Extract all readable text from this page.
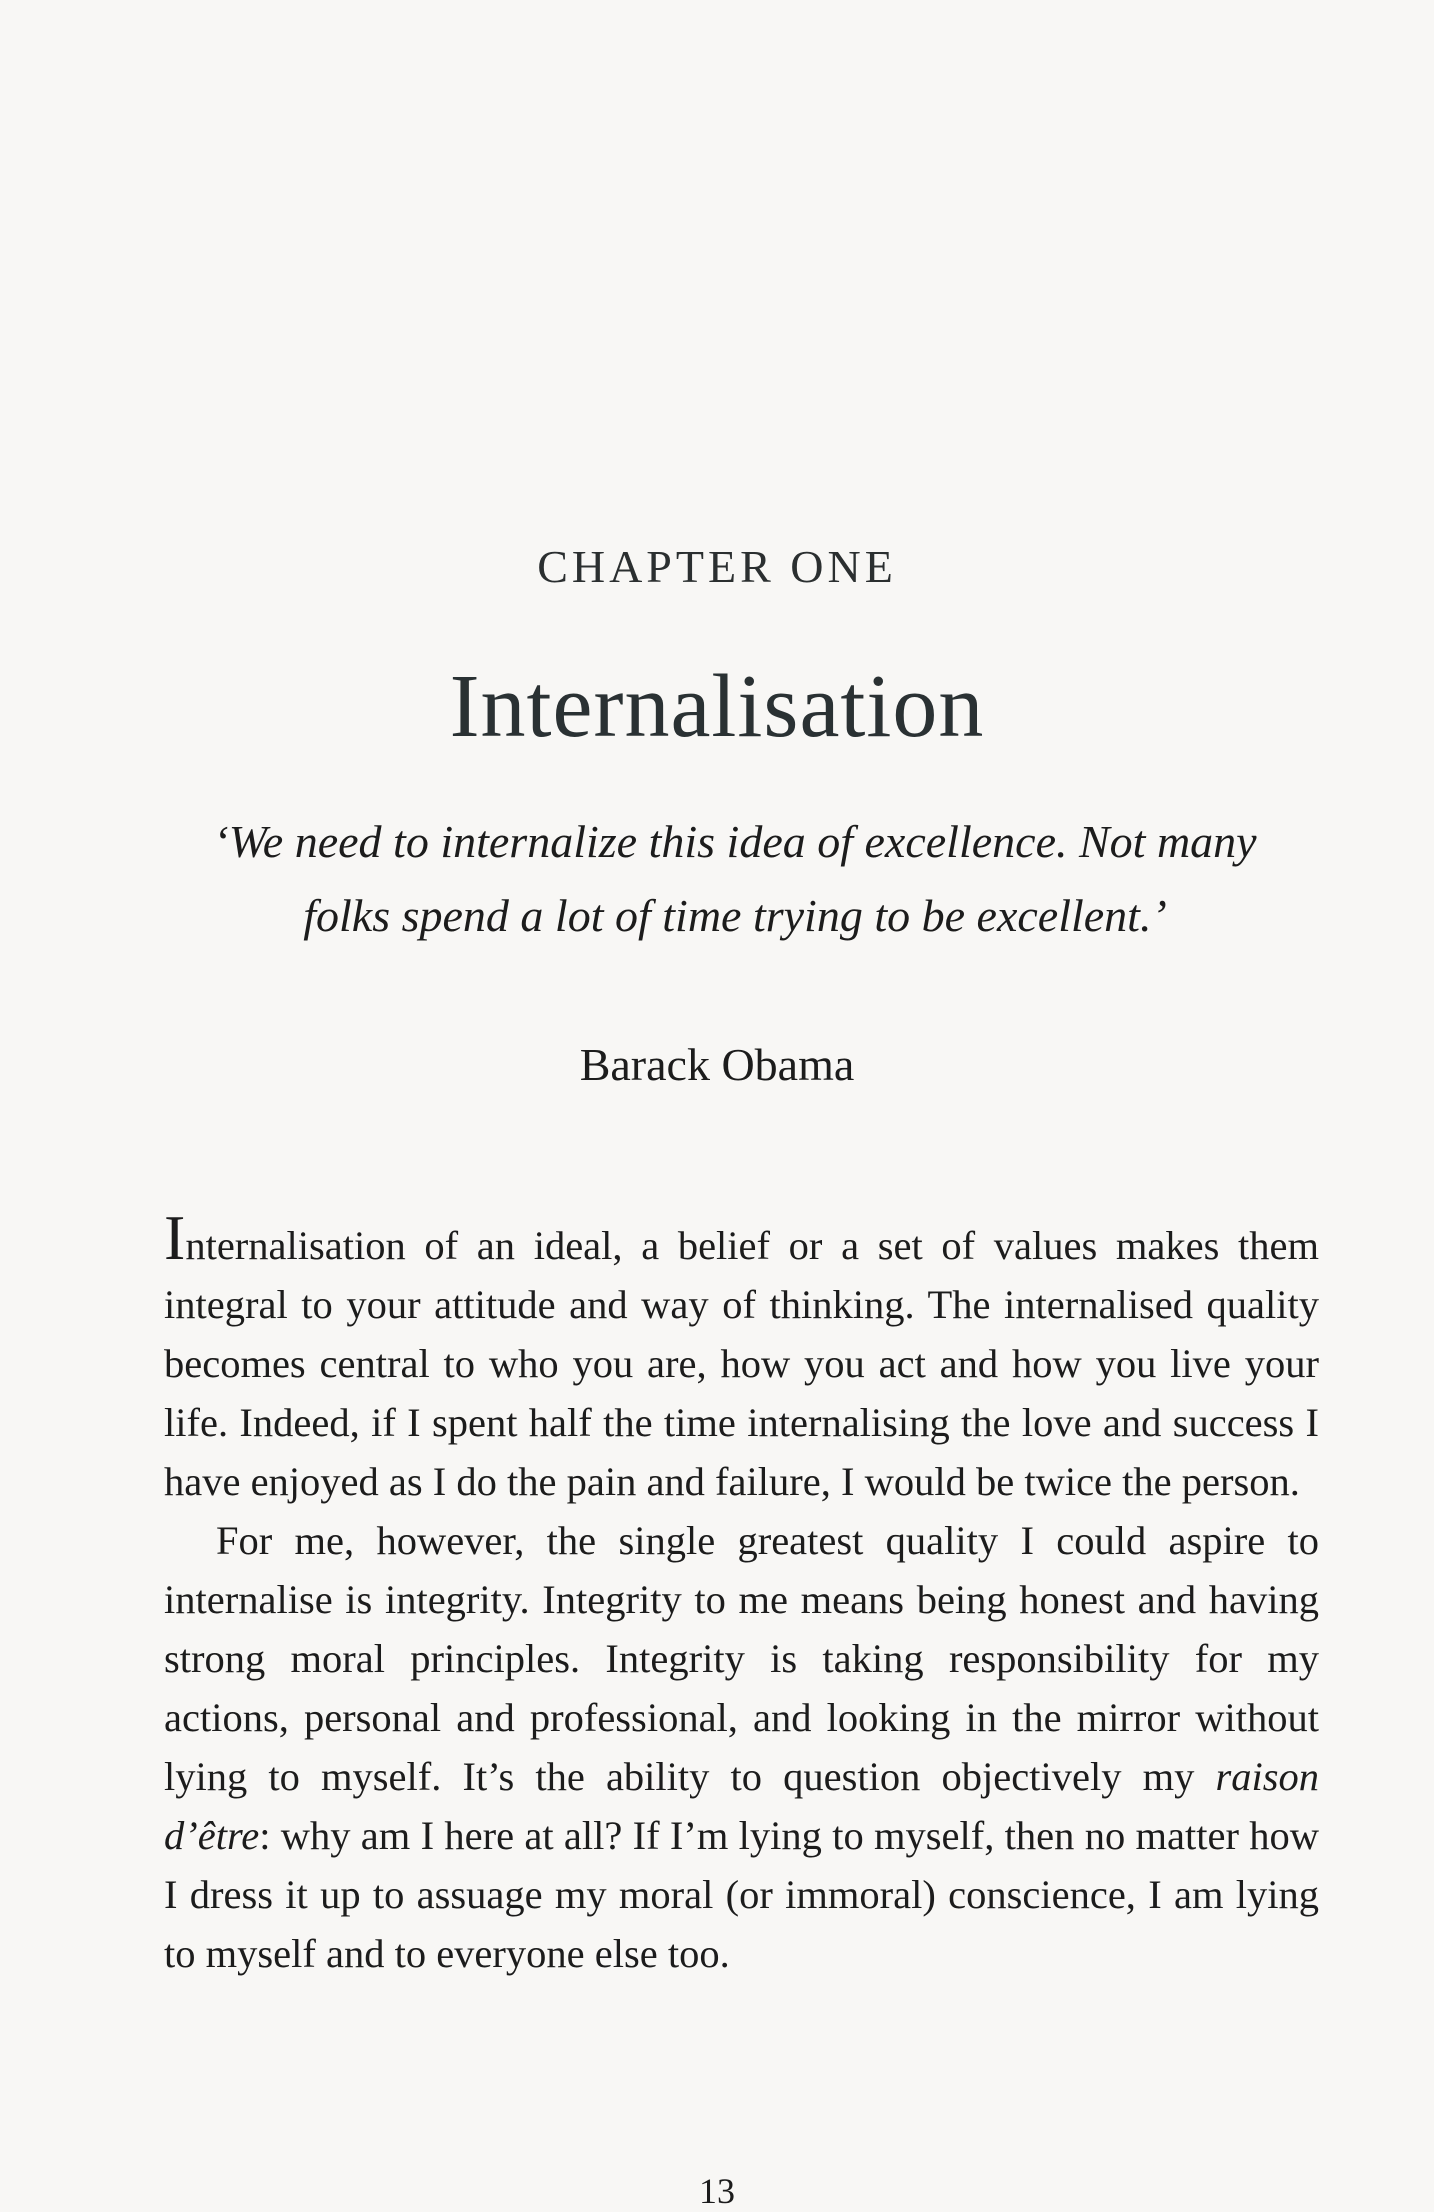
CHAPTER ONE
Internalisation
‘We need to internalize this idea of excellence. Not many folks spend a lot of time trying to be excellent.’
Barack Obama

Internalisation of an ideal, a belief or a set of values makes them integral to your attitude and way of thinking. The internalised quality becomes central to who you are, how you act and how you live your life. Indeed, if I spent half the time internalising the love and success I have enjoyed as I do the pain and failure, I would be twice the person.

For me, however, the single greatest quality I could aspire to internalise is integrity. Integrity to me means being honest and having strong moral principles. Integrity is taking responsibility for my actions, personal and professional, and looking in the mirror without lying to myself. It’s the ability to question objectively my raison d’être: why am I here at all? If I’m lying to myself, then no matter how I dress it up to assuage my moral (or immoral) conscience, I am lying to myself and to everyone else too.

13
